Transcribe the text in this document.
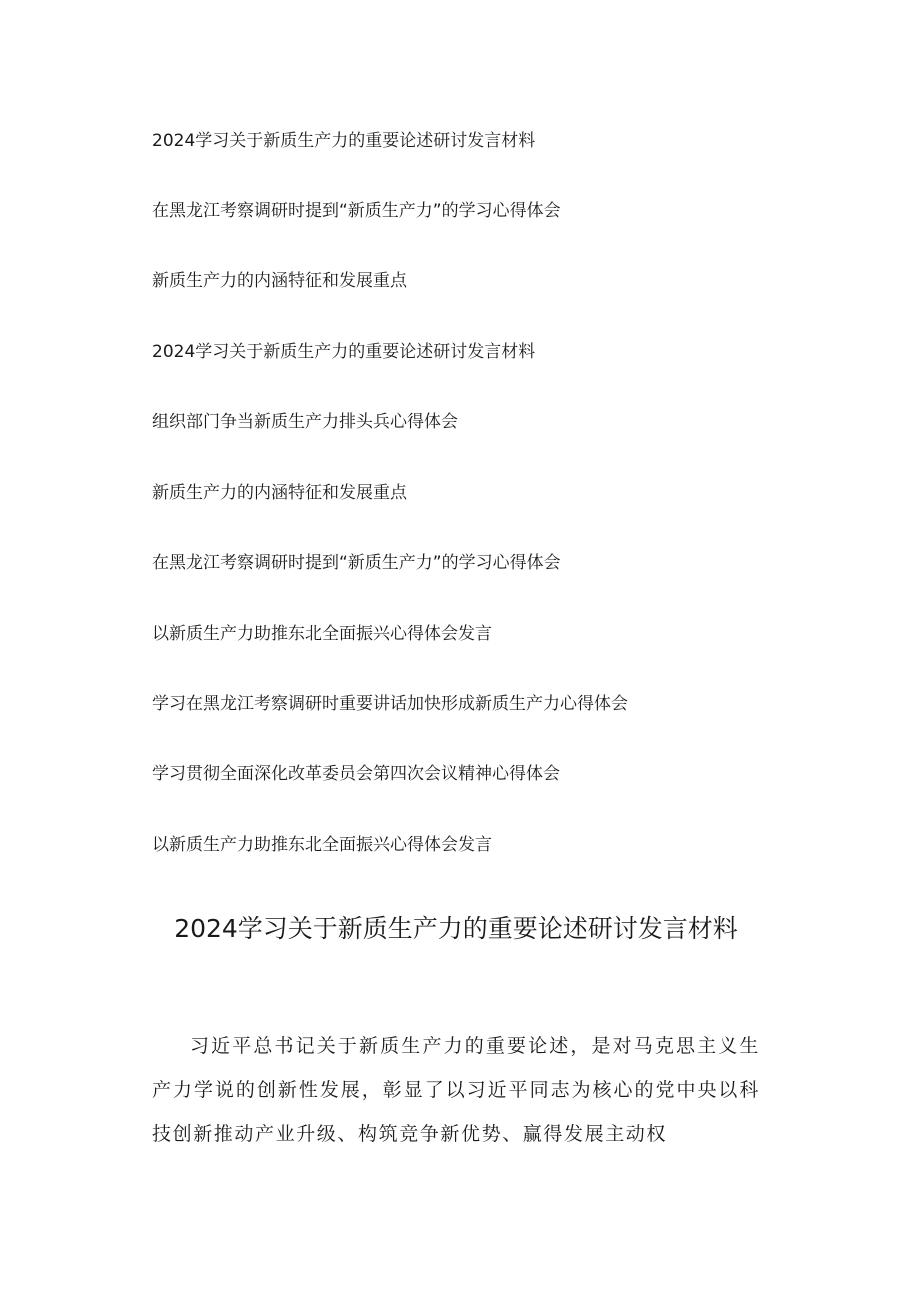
2024学习关于新质生产力的重要论述研讨发言材料
在黑龙江考察调研时提到“新质生产力”的学习心得体会
新质生产力的内涵特征和发展重点
2024学习关于新质生产力的重要论述研讨发言材料
组织部门争当新质生产力排头兵心得体会
新质生产力的内涵特征和发展重点
在黑龙江考察调研时提到“新质生产力”的学习心得体会
以新质生产力助推东北全面振兴心得体会发言
学习在黑龙江考察调研时重要讲话加快形成新质生产力心得体会
学习贯彻全面深化改革委员会第四次会议精神心得体会
以新质生产力助推东北全面振兴心得体会发言
2024学习关于新质生产力的重要论述研讨发言材料

习近平总书记关于新质生产力的重要论述，是对马克思主义生产力学说的创新性发展，彰显了以习近平同志为核心的党中央以科技创新推动产业升级、构筑竞争新优势、赢得发展主动权
